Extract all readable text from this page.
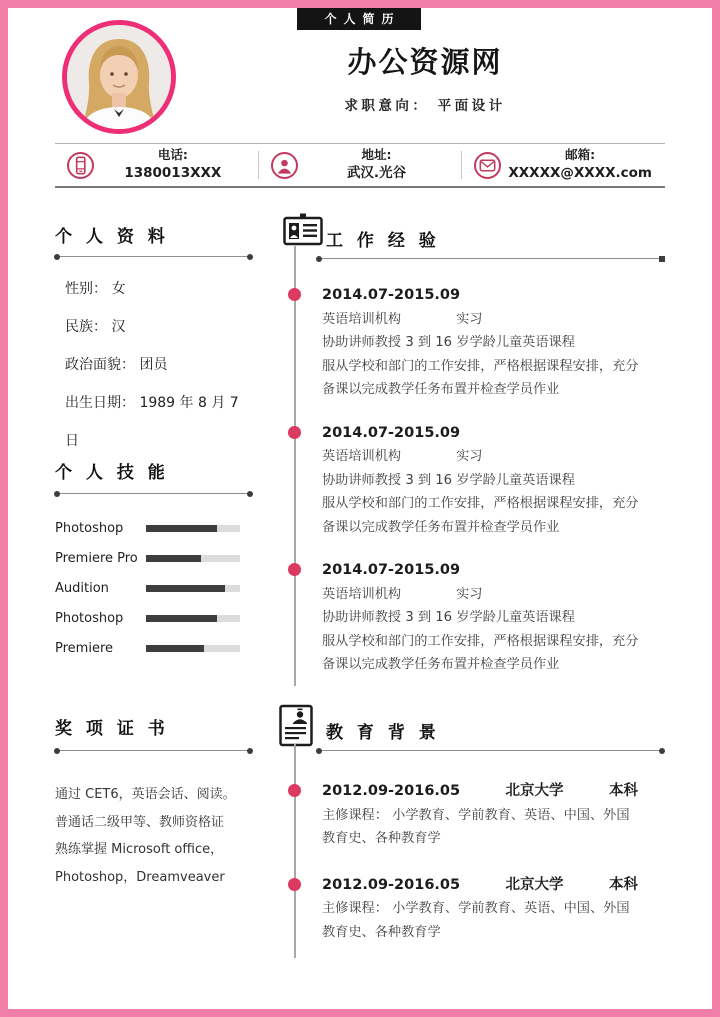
个人简历
办公资源网
求职意向： 平面设计
电话:
1380013XXX
地址:
武汉.光谷
邮箱:
XXXXX@XXXX.com
个 人 资 料
性别： 女
民族： 汉
政治面貌： 团员
出生日期： 1989 年 8 月 7 日
个 人 技 能
Photoshop
Premiere Pro
Audition
Photoshop
Premiere
奖 项 证 书
通过 CET6，英语会话、阅读。
普通话二级甲等、教师资格证
熟练掌握 Microsoft office，
Photoshop，Dreamveaver
工 作 经 验
2014.07-2015.09
英语培训机构	实习
协助讲师教授 3 到 16 岁学龄儿童英语课程
服从学校和部门的工作安排，严格根据课程安排，充分
备课以完成教学任务布置并检查学员作业
2014.07-2015.09
英语培训机构	实习
协助讲师教授 3 到 16 岁学龄儿童英语课程
服从学校和部门的工作安排，严格根据课程安排，充分
备课以完成教学任务布置并检查学员作业
2014.07-2015.09
英语培训机构	实习
协助讲师教授 3 到 16 岁学龄儿童英语课程
服从学校和部门的工作安排，严格根据课程安排，充分
备课以完成教学任务布置并检查学员作业
教 育 背 景
2012.09-2016.05	北京大学	本科
主修课程： 小学教育、学前教育、英语、中国、外国
教育史、各种教育学
2012.09-2016.05	北京大学	本科
主修课程： 小学教育、学前教育、英语、中国、外国
教育史、各种教育学
